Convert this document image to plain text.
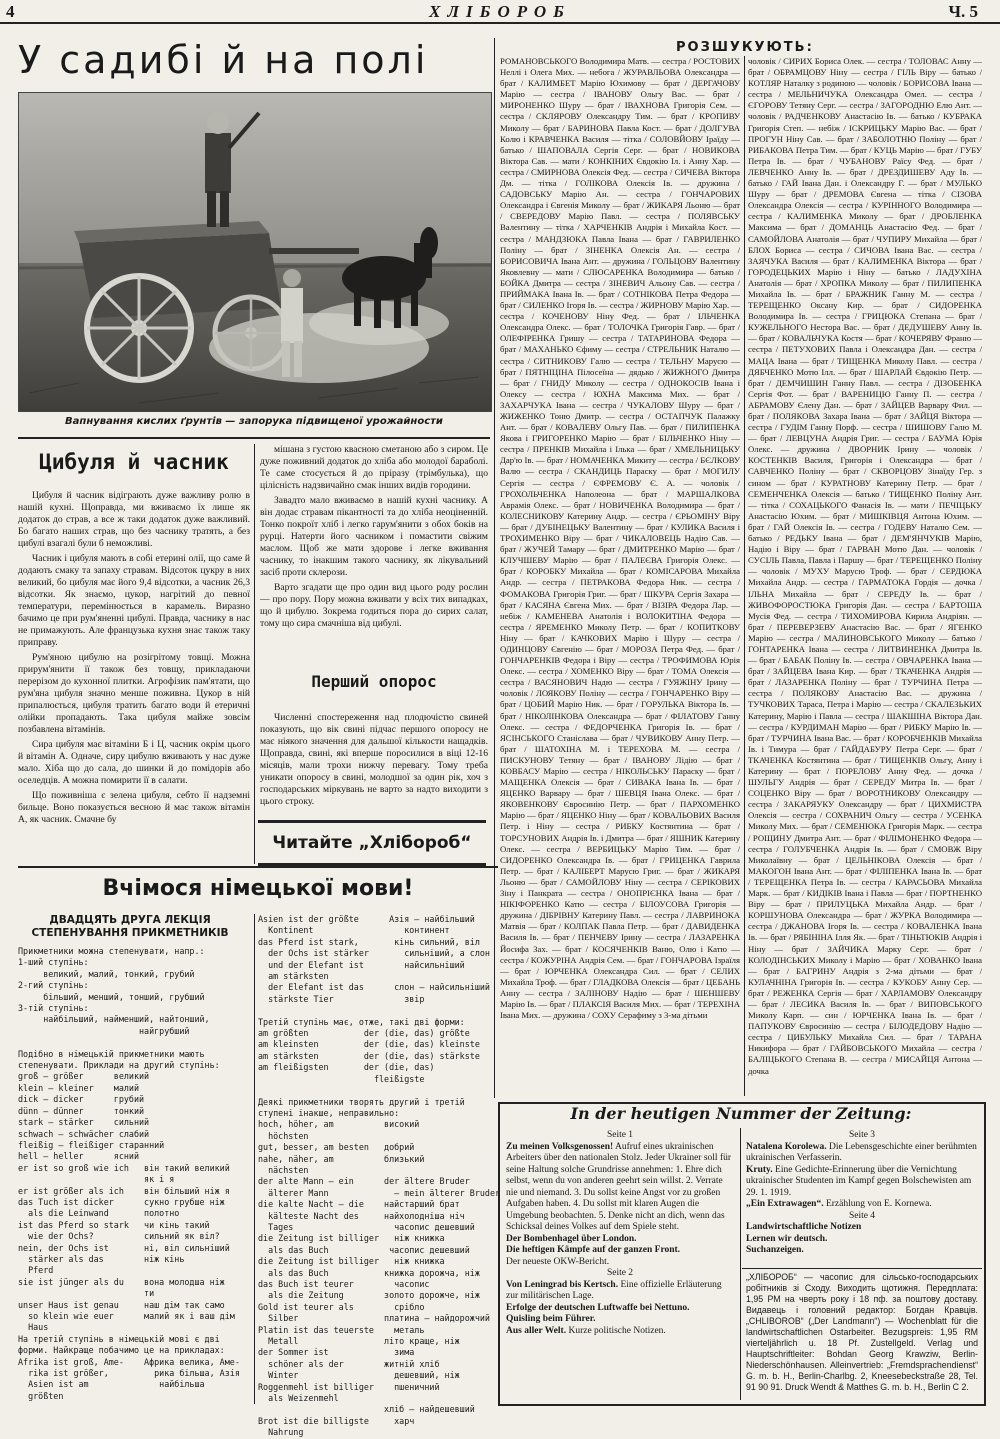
4	ХЛІБОРОБ	Ч. 5
У садибі й на полі
Вапнування кислих ґрунтів — запорука підвищеної урожайности
Цибуля й часник

Цибуля й часник відіграють дуже важливу ролю в нашій кухні. Щоправда, ми вживаємо їх лише як додаток до страв, а все ж таки додаток дуже важливий. Бо багато наших страв, що без часнику тратять, а без цибулі взагалі були б неможливі.

Часник і цибуля мають в собі етерині олії, що саме й додають смаку та запаху стравам. Відсоток цукру в них великий, бо цибуля має його 9,4 відсотки, а часник 26,3 відсотки. Як знаємо, цукор, нагрітий до певної температури, перемінюється в карамель. Виразно бачимо це при рум'яненні цибулі. Правда, часнику в нас не примажують. Але французька кухня знає також таку приправу.

Рум'яною цибулю на розігрітому товщі. Можна прирум'янити її також без товщу, прикладаючи перерізом до кухонної плитки. Агрофізик пам'ятати, що рум'яна цибуля значно менше поживна. Цукор в ній припалюється, цибуля тратить багато води й етеричні олійки пропадають. Така цибуля майже зовсім позбавлена вітамінів.

Сира цибуля має вітаміни Б і Ц, часник окрім цього й вітамін А. Одначе, сиру цибулю вживають у нас дуже мало. Хіба що до сала, до шинки й до помідорів або оселедців. А можна помирити її в салати.

Що поживніша є зелена цибуля, себто її надземні бильце. Воно показується весною й має також вітамін А, як часник. Смачне бу

мішана з густою квасною сметаною або з сиром. Це дуже поживний додаток до хліба або молодої бараболі. Те саме стосується й до пріразу (трімбулька), що цілісність надзвичайно смак інших видів городини.

Завадто мало вживаємо в нашій кухні часнику. А він додає стравам пікантності та до хліба неоціненній. Тонко покроїт хліб і легко гарум'янити з обох боків на рурці. Натерти його часником і помастити свіжим маслом. Щоб же мати здорове і легке вживання часнику, то інакшим такого часнику, як лікувальний засіб проти склерози.

Варто згадати ще про один вид цього роду рослин — про пору. Пору можна вживати у всіх тих випадках, що й цибулю. Зокрема годиться пора до сирих салат, тому що сира смачніша від цибулі.

Перший опорос

Численні спостереження над плодючістю свиней показують, що вік свині підчас першого опоросу не має ніякого значення для дальшої кількости нащадків. Щоправда, свині, які вперше поросилися в віці 12-16 місяців, мали трохи нижчу перевагу. Тому треба уникати опоросу в свині, молодшої за один рік, хоч з господарських міркувань не варто за надто виходити з цього строку.

Читайте „Хлібороб“
Вчімося німецької мови!
ДВАДЦЯТЬ ДРУГА ЛЕКЦІЯ
СТЕПЕНУВАННЯ ПРИКМЕТНИКІВ
Прикметники можна степенувати, напр.:
1-ший ступінь:
великий, малий, тонкий, грубий
2-гий ступінь:
більший, менший, тонший, грубший
3-тій ступінь:
найбільший, найменший, найтонший,
найгрубший

Подібно в німецькій прикметники мають
степенувати. Приклади на другий ступінь:
groß — größer      великий
klein — kleiner    малий
dick — dicker      грубий
dünn — dünner      тонкий
stark — stärker    сильний
schwach — schwächer слабий
fleißig — fleißiger старанний
hell — heller      ясний
er ist so groß wie ich   він такий великий
як і я
er ist größer als ich    він більший ніж я
das Tuch ist dicker      сукно грубше ніж
als die Leinwand       полотно
ist das Pferd so stark   чи кінь такий
wie der Ochs?          сильний як віл?
nein, der Ochs ist       ні, віл сильніший
stärker als das        ніж кінь
Pferd
sie ist jünger als du    вона молодша ніж
ти
unser Haus ist genau     наш дім так само
so klein wie euer      малий як і ваш дім
Haus
На третій ступінь в німецькій мові є дві
форми. Найкраще побачимо це на прикладах:
Afrika ist groß, Ame-    Африка велика, Аме-
rika ist größer,         рика більша, Азія
Asien ist am              найбільша
größten
Asien ist der größte      Азія — найбільший
Kontinent                  континент
das Pferd ist stark,       кінь сильний, віл
der Ochs ist stärker       сильніший, а слон
und der Elefant ist        найсильніший
am stärksten
der Elefant ist das      слон — найсильніший
stärkste Tier              звір

Третій ступінь має, отже, такі дві форми:
am größten           der (die, das) größte
am kleinsten         der (die, das) kleinste
am stärksten         der (die, das) stärkste
am fleißigsten       der (die, das)
fleißigste

Деякі прикметники творять другий і третій
ступені інакше, неправильно:
hoch, höher, am          високий
höchsten
gut, besser, am besten   добрий
nahe, näher, am          близький
nächsten
der alte Mann — ein      der ältere Bruder
älterer Mann             — mein älterer Bruder
die kalte Nacht — die    найстарший брат
kälteste Nacht des     найхолодніша ніч
Tages                    часопис дешевший
die Zeitung ist billiger   ніж книжка
als das Buch            часопис дешевший
die Zeitung ist billiger   ніж книжка
als das Buch           книжка дорожча, ніж
das Buch ist teurer        часопис
als die Zeitung        золото дорожче, ніж
Gold ist teurer als        срібло
Silber                 платина — найдорожчий
Platin ist das teuerste    металь
Metall                 літо краще, ніж
der Sommer ist             зима
schöner als der        житній хліб
Winter                   дешевший, ніж
Roggenmehl ist billiger    пшеничний
als Weizenmehl
хліб — найдешевший
Brot ist die billigste     харч
Nahrung
РОЗШУКУЮТЬ:
РОМАНОВСЬКОГО Володимира Матв. — сестра / РОСТОВИХ Неллі і Олега Мих. — небога / ЖУРАВЛЬОВА Олександра — брат / КАЛИМБЕТ Марію Юхимову — брат / ДЕРГАЧОВУ Марію — сестра / ІВАНОВУ Ольгу Вас. — брат / МИРОНЕНКО Шуру — брат / ІВАХНОВА Григорія Сем. — сестра / СКЛЯРОВУ Олександру Тим. — брат / КРОПИВУ Миколу — брат / БАРИНОВА Павла Кост. — брат / ДОЛГУВА Колю і КРАВЧЕНКА Василя — тітка / СОЛОВЙОВУ Іраїду — батько / ШАПОВАЛА Сергія Серг. — брат / НОВИКОВА Віктора Сав. — мати / КОНКІНИХ Євдокію Іл. і Анну Хар. — сестра / СМИРНОВА Олексія Фед. — сестра / СИЧЕВА Віктора Дм. — тітка / ГОЛІКОВА Олексія Ів. — дружина / САДОВСЬКУ Марію Ан. — сестра / ГОНЧАРОВИХ Олександра і Євгенія Миколу — брат / ЖИКАРЯ Льоню — брат / СВЕРЕДОВУ Марію Павл. — сестра / ПОЛЯВСЬКУ Валентину — тітка / ХАРЧЕНКІВ Андрія і Михайла Кост. — сестра / МАНДЗЮКА Павла Івана — брат / ГАВРИЛЕНКО Поліну — брат / ЗІНЕНКА Олексія Ан. — сестра / БОРИСОВИЧА Івана Ант. — дружина / ГОЛЬЦОВУ Валентину Яковлевну — мати / СЛЮСАРЕНКА Володимира — батько / БОЙКА Дмитра — сестра / ЗІНЕВИЧ Альону Сав. — сестра / ПРИЙМАКА Івана Ів. — брат / СОТНІКОВА Петра Федора — брат / СИЛЕНКО Ігоря Ів. — сестра / ЖИРНОВУ Марію Хар. — сестра / КОЧЕНОВУ Ніну Фед. — брат / ІЛЬЧЕНКА Олександра Олекс. — брат / ТОЛОЧКА Григорія Гавр. — брат / ОЛЕФІРЕНКА Гришу — сестра / ТАТАРИНОВА Федора — брат / МАХАНЬКО Єфиму — сестра / СТРЕЛЬНИК Наталю — сестра / СИТНИКОВУ Галю — сестра / ТЕЛЬНУ Марусю — брат / ПЯТНІЦІНА Пілосеїна — дядько / ЖИЖНОГО Дмитра — брат / ГНИДУ Миколу — сестра / ОДНОКОСІВ Івана і Олексу — сестра / ЮХНА Максима Мих. — брат / ЗАХАРЧУКА Івана — сестра / ЧУКАЛОВУ Шуру — брат / ЖИЖЕНКО Тоню Дмитр. — сестра / ОСТАПЧУК Палажку Ант. — брат / КОВАЛЕВУ Ольгу Пав. — брат / ПИЛИПЕНКА Якова і ГРИГОРЕНКО Марію — брат / БІЛЬЧЕНКО Ніну — сестра / ПРЕНКІВ Михайла і Ілька — брат / ХМЕЛЬНИЦЬКУ Дар'ю Ів. — брат / НОМАЧЕНКА Микиту — сестра / БЄЛКОВУ Валю — сестра / СКАНДИЦЬ Параску — брат / МОГИЛУ Сергія — сестра / ЄФРЕМОВУ Є. А. — чоловік / ГРОХОЛЬЧЕНКА Наполеона — брат / МАРШАЛКОВА Аврамія Олекс. — брат / НОВИЧЕНКА Володимира — брат / КОЛЕСНИКОВУ Катерину Андр. — сестра / ЄРЬОМІНУ Віру — брат / ДУБІНЕЦЬКУ Валентину — брат / КУЛИКА Василя і ТРОХИМЕНКО Віру — брат / ЧИКАЛОВЕЦЬ Надію Сав. — брат / ЖУЧЕЙ Тамару — брат / ДМИТРЕНКО Марію — брат / КЛУЧШЕВУ Марію — брат / ПАЛЕЄВА Григорія Олекс. — брат / КОРОБКУ Михайла — брат / КОМІСАРОВА Михайла Андр. — сестра / ПЕТРАКОВА Федора Ник. — сестра / ФОМАКОВА Григорія Григ. — брат / ШКУРА Сергія Захара — брат / КАСЯНА Євгена Мих. — брат / ВІЗІРА Федора Лар. — небіж / КАМЕНЕВА Анатолія і ВОЛОКИТІНА Федора — сестра / ЯРЕМЕНКО Миколу Петр. — брат / КОПИТКОВУ Ніну — брат / КАЧКОВИХ Марію і Шуру — сестра / ОДИНЦОВУ Євгенію — брат / МОРОЗА Петра Фед. — брат / ГОНЧАРЕНКІВ Федора і Віру — сестра / ТРОФИМОВА Юрія Олекс. — сестра / ХОМЕНКО Віру — брат / ТОМА Олексія — сестра / ВАСЯНОВИЧ Надю — сестра / ГУЯЖІНУ Ірину — чоловік / ЛОЯКОВУ Поліну — сестра / ГОНЧАРЕНКО Віру — брат / ЦОБИЙ Марію Ник. — брат / ГОРУЛЬКА Віктора Ів. — брат / НІКОЛІНКОВА Олександра — брат / ФІЛАТОВУ Ганну Олекс. — сестра / ФЕДОРЧЕНКА Григорія Ів. — брат / ЯСІНСЬКОГО Станіслава — брат / ЧУВИКОВУ Анну Петр. — брат / ШАТОХІНА М. і ТЕРЕХОВА М. — сестра / ПИСКУНОВУ Тетяну — брат / ІВАНОВУ Лідію — брат / КОВБАСУ Марію — сестра / НІКОЛЬСЬКУ Параску — брат / МАЩЕНКА Олексія — брат / СИВАКА Івана Ів. — брат / ЯЦЕНКО Варвару — брат / ШЕВЦЯ Івана Олекс. — брат / ЯКОВЕНКОВУ Євросинію Петр. — брат / ПАРХОМЕНКО Марію — брат / ЯЦЕНКО Ніну — брат / КОВАЛЬОВИХ Василя Петр. і Ніну — сестра / РИБКУ Костянтина — брат / ТОРСУНОВИХ Андрія Ів. і Дмитра — брат / ЯШНИК Катерину Олекс. — сестра / ВЕРБИЦЬКУ Марію Тим. — брат / СИДОРЕНКО Олександра Ів. — брат / ГРИЦЕНКА Гаврила Петр. — брат / КАЛІБЕРТ Марусю Григ. — брат / ЖИКАРЯ Льоню — брат / САМОЙЛОВУ Ніну — сестра / СЕРІКОВИХ Зіну і Панкрата — сестра / ОНОПРІЄНКА Івана — брат / НІКІФОРЕНКО Катю — сестра / БІЛОУСОВА Григорія — дружина / ДІБРІВНУ Катерину Павл. — сестра / ЛАВРИНОКА Матвія — брат / КОЛПАК Павла Петр. — брат / ДАВИДЕНКА Василя Ів. — брат / ПЕНЧЕВУ Ірину — сестра / ЛАЗАРЕНКА Йосифа Зах. — брат / КОСЯЧЕНКІВ Ваню, Олю і Катю — сестра / КОЖУРІНА Андрія Сем. — брат / ГОНЧАРОВА Ізраїля — брат / ЮРЧЕНКА Олександра Сил. — брат / СЕЛИХ Михайла Троф. — брат / ГЛАДКОВА Олексія — брат / ЦЕБАНЬ Анну — сестра / ЗАЛІНОВУ Надію — брат / ШЕНШЕВУ Марію Ів. — брат / ПЛАКСІЯ Василя Мих. — брат / ТЕРЕХІНА Івана Мих. — дружина / СОХУ Серафиму з 3-ма дітьми
чоловік / СИРИХ Бориса Олек. — сестра / ТОЛОВАС Анну — брат / ОБРАМЦОВУ Ніну — сестра / ГІЛЬ Віру — батько / КОТЛЯР Наталку з родиною — чоловік / БОРИСОВА Івана — сестра / МЕЛЬНИЧУКА Олександра Омел. — сестра / ЄГОРОВУ Тетяну Серг. — сестра / ЗАГОРОДНЮ Елю Ант. — чоловік / РАДЧЕНКОВУ Анастасію Ів. — батько / КУБРАКА Григорія Степ. — небіж / ІСКРИЦЬКУ Марію Вас. — брат / ПРОГУН Ніну Сав. — брат / ЗАБОЛОТНЮ Поліну — брат / РИБАКОВА Петра Тим. — брат / КУЦЬ Марію — брат / ГУБУ Петра Ів. — брат / ЧУБАНОВУ Раїсу Фед. — брат / ЛЕВЧЕНКО Анну Ів. — брат / ДРЕЗДИШЕВУ Аду Ів. — батько / ГАЙ Івана Дан. і Олександру Г. — брат / МУЛЬКО Шуру — брат / ДРЕМОВА Євгена — тітка / СІЗОВА Олександра Олексія — сестра / КУРІННОГО Володимира — сестра / КАЛИМЕНКА Миколу — брат / ДРОБЛЕНКА Максима — брат / ДОМАНЦЬ Анастасію Фед. — брат / САМОЙЛОВА Анатолія — брат / ЧУПИРУ Михайла — брат / БЛОХ Бориса — сестра / СИЧОВА Івана Вас. — сестра / ЗАЯЧУКА Василя — брат / КАЛИМЕНКА Віктора — брат / ГОРОДЕЦЬКИХ Марію і Ніну — батько / ЛАДУХІНА Анатолія — брат / ХРОПКА Миколу — брат / ПИЛИПЕНКА Михайла Ів. — брат / БРАЖНИК Ганну М. — сестра / ТЕРЕЩЕНКО Оксану Кир. — брат / СИДОРЕНКА Володимира Ів. — сестра / ГРИЦЮКА Степана — брат / КУЖЕЛЬНОГО Нестора Вас. — брат / ДЕДУШЕВУ Анну Ів. — брат / КОВАЛЬЧУКА Костя — брат / КОЧЕРЯВУ Франю — сестра / ПЕТУХОВИХ Павла і Олександра Дан. — сестра / МАЦА Івана — брат / ТИЩЕНКА Миколу Павл. — сестра / ДЯБЧЕНКО Мотю Ілл. — брат / ШАРЛАЙ Євдокію Петр. — брат / ДЕМЧИШИН Ганну Павл. — сестра / ДІЗОБЕНКА Сергія Фот. — брат / ВАРЕНИЦЮ Ганну П. — сестра / АБРАМОВУ Єлену Дан. — брат / ЗАЙЦЕВ Варвару Фил. — брат / ПОЛЯКОВА Захара Івана — брат / ЗАЙЦЯ Віктора — сестра / ГУДІМ Ганну Порф. — сестра / ШИШОВУ Галю М. — брат / ЛЕВЦУНА Андрія Григ. — сестра / БАУМА Юрія Олекс. — дружина / ДВОРНИК Ірину — чоловік / КОСТЕНКІВ Василя, Григорія і Олександра — брат / САВЧЕНКО Поліну — брат / СКВОРЦОВУ Зінаїду Гер. з сином — брат / КУРАТНОВУ Катерину Петр. — брат / СЕМЕНЧЕНКА Олексія — батько / ТИЩЕНКО Поліну Ант. — тітка / СОХАЦЬКОГО Фанасія Ів. — мати / ПЕЧІЦЬКУ Анастасію Юхим. — брат / МИШКІВЦЯ Антона Юхим. — брат / ГАЙ Олексія Ів. — сестра / ГОДЕВУ Наталю Сем. — батько / РЕДЬКУ Івана — брат / ДЕМ'ЯНЧУКІВ Марію, Надію і Віру — брат / ГАРВАН Мотю Дан. — чоловік / СУСІЛЬ Павла, Павла і Паршу — брат / ТЕРЕЩЕНКО Поліну — чоловік / МУХУ Марусю Троф. — брат / СЕРДЮКА Михайла Андр. — сестра / ГАРМАТОКА Гордія — дочка / ІЛЬНА Михайла — брат / СЕРЕДУ Ів. — брат / ЖИВОФОРОСТЮКА Григорія Дан. — сестра / БАРТОША Мусія Фед. — сестра / ТИХОМИРОВА Кирила Андріян. — брат / ПЕРЕВЕРЗЕВУ Анастасію Вас. — брат / ЯГЕНКО Марію — сестра / МАЛИНОВСЬКОГО Миколу — батько / ГОНТАРЕНКА Івана — сестра / ЛИТВИНЕНКА Дмитра Ів. — брат / БАБАК Поліну Ів. — сестра / ОВЧАРЕНКА Івана — брат / ЗАЙЦЕВА Івана Кир. — брат / ТКАЧЕНКА Андрія — брат / ЛАЗАРЕНКА Поліну — брат / ТУРЧИНА Петра — сестра / ПОЛЯКОВУ Анастасію Вас. — дружина / ТУЧКОВИХ Тараса, Петра і Марію — сестра / СКАЛЕЗЬКИХ Катерину, Марію і Павла — сестра / ШАКШІНА Віктора Дан. — сестра / КУРДИМАН Марію — брат / РИБКУ Марію Ів. — брат / ТУРЧИНА Івана Вас. — брат / КОРОБЧЕНКІВ Михайла Ів. і Тимура — брат / ГАЙДАБУРУ Петра Серг. — брат / ТКАЧЕНКА Костянтина — брат / ТИЩЕНКІВ Ольгу, Анну і Катерину — брат / ПОРЕЛОВУ Анну Фед. — дочка / ШУЛЬГУ Андрія — брат / СЕРЕДУ Митра Ів. — брат / СОЦЕНКО Віру — брат / ВОРОТНИКОВУ Олександру — сестра / ЗАКАРЯУКУ Олександру — брат / ЦИХМИСТРА Олексія — сестра / СОХРАНИЧ Ольгу — сестра / УСЕНКА Миколу Мих. — брат / СЕМЕНЮКА Григорія Марк. — сестра / РОЩИНУ Дмитра Ант. — брат / ФІЛІМОНЕНКО Федора — сестра / ГОЛУБЧЕНКА Андрія Ів. — брат / СМОВЖ Віру Миколаївну — брат / ЦЕЛЬНІКОВА Олексія — брат / МАКОГОН Івана Ант. — брат / ФІЛІПЕНКА Івана Ів. — брат / ТЕРЕЩЕНКА Петра Ів. — сестра / КАРАСЬОВА Михайла Марк. — брат / КИДІКІВ Івана і Павла — брат / ПОРТНЕНКО Віру — брат / ПРИЛУЦЬКА Михайла Андр. — брат / КОРШУНОВА Олександра — брат / ЖУРКА Володимира — сестра / ДЖАНОВА Ігоря Ів. — сестра / КОВАЛЕНКА Івана Ів. — брат / РЯБІНІНА Ілля Як. — брат / ТІНЬТЮКІВ Андрія і Ніну — брат / ЗАЙЧИКА Марку Серг. — брат / КОЛОДІНСЬКИХ Миколу і Марію — брат / ХОВАНКО Івана — брат / БАГРИНУ Андрія з 2-ма дітьми — брат / КУЛАЧНІНА Григорія Ів. — сестра / КУКОБУ Анну Сер. — брат / РЕЖЕНКА Сергія — брат / ХАРЛАМОВУ Олександру — брат / ЛЕСИКА Василя Ів. — брат / ВИПОВСЬКОГО Миколу Карп. — син / ЮРЧЕНКА Івана Ів. — брат / ПАПУКОВУ Євросинію — сестра / БІЛОДЕДОВУ Надію — сестра / ЦИБУЛЬКУ Михайла Сил. — брат / ТАРАНА Никифора — брат / ГАЙБОВСЬКОГО Михайла — сестра / БАЛІЦЬКОГО Степана В. — сестра / МИСАЙЦЯ Антона — дочка
In der heutigen Nummer der Zeitung:
Seite 1
Zu meinen Volksgenossen! Aufruf eines ukrainischen Arbeiters über den nationalen Stolz. Jeder Ukrainer soll für seine Haltung solche Grundrisse annehmen: 1. Ehre dich selbst, wenn du von anderen geehrt sein willst. 2. Verrate nie und niemand. 3. Du sollst keine Angst vor zu großen Aufgaben haben. 4. Du sollst mit klaren Augen die Umgebung beobachten. 5. Denke nicht an dich, wenn das Schicksal deines Volkes auf dem Spiele steht.
Der Bombenhagel über London.
Die heftigen Kämpfe auf der ganzen Front.
Der neueste OKW-Bericht.
Seite 2
Von Leningrad bis Kertsch. Eine offizielle Erläuterung zur militärischen Lage.
Erfolge der deutschen Luftwaffe bei Nettuno.
Quisling beim Führer.
Aus aller Welt. Kurze politische Notizen.
Seite 3
Natalena Korolewa. Die Lebensgeschichte einer berühmten ukrainischen Verfasserin.
Kruty. Eine Gedichte-Erinnerung über die Vernichtung ukrainischer Studenten im Kampf gegen Bolschewisten am 29. 1. 1919.
„Ein Extrawagen“. Erzählung von E. Kornewa.
Seite 4
Landwirtschaftliche Notizen
Lernen wir deutsch.
Suchanzeigen.
„ХЛІБОРОБ“ — часопис для сільсько-господарських робітників зі Сходу. Виходить щотижня. Передплата: 1,95 РМ на чверть року і 18 пф. за поштову доставу. Видавець і головний редактор: Богдан Кравців. „CHLIBOROB“ („Der Landmann“) — Wochenblatt für die landwirtschaftlichen Ostarbeiter. Bezugspreis: 1,95 RM vierteljährlich u. 18 Pf. Zustellgeld. Verlag und Hauptschriftleiter: Bohdan Georg Krawziw, Berlin-Niederschönhausen. Alleinvertrieb: „Fremdsprachendienst“ G. m. b. H., Berlin-Charlbg. 2, Kneesebeckstraße 28, Tel. 91 90 91. Druck Wendt & Matthes G. m. b. H., Berlin C 2.
